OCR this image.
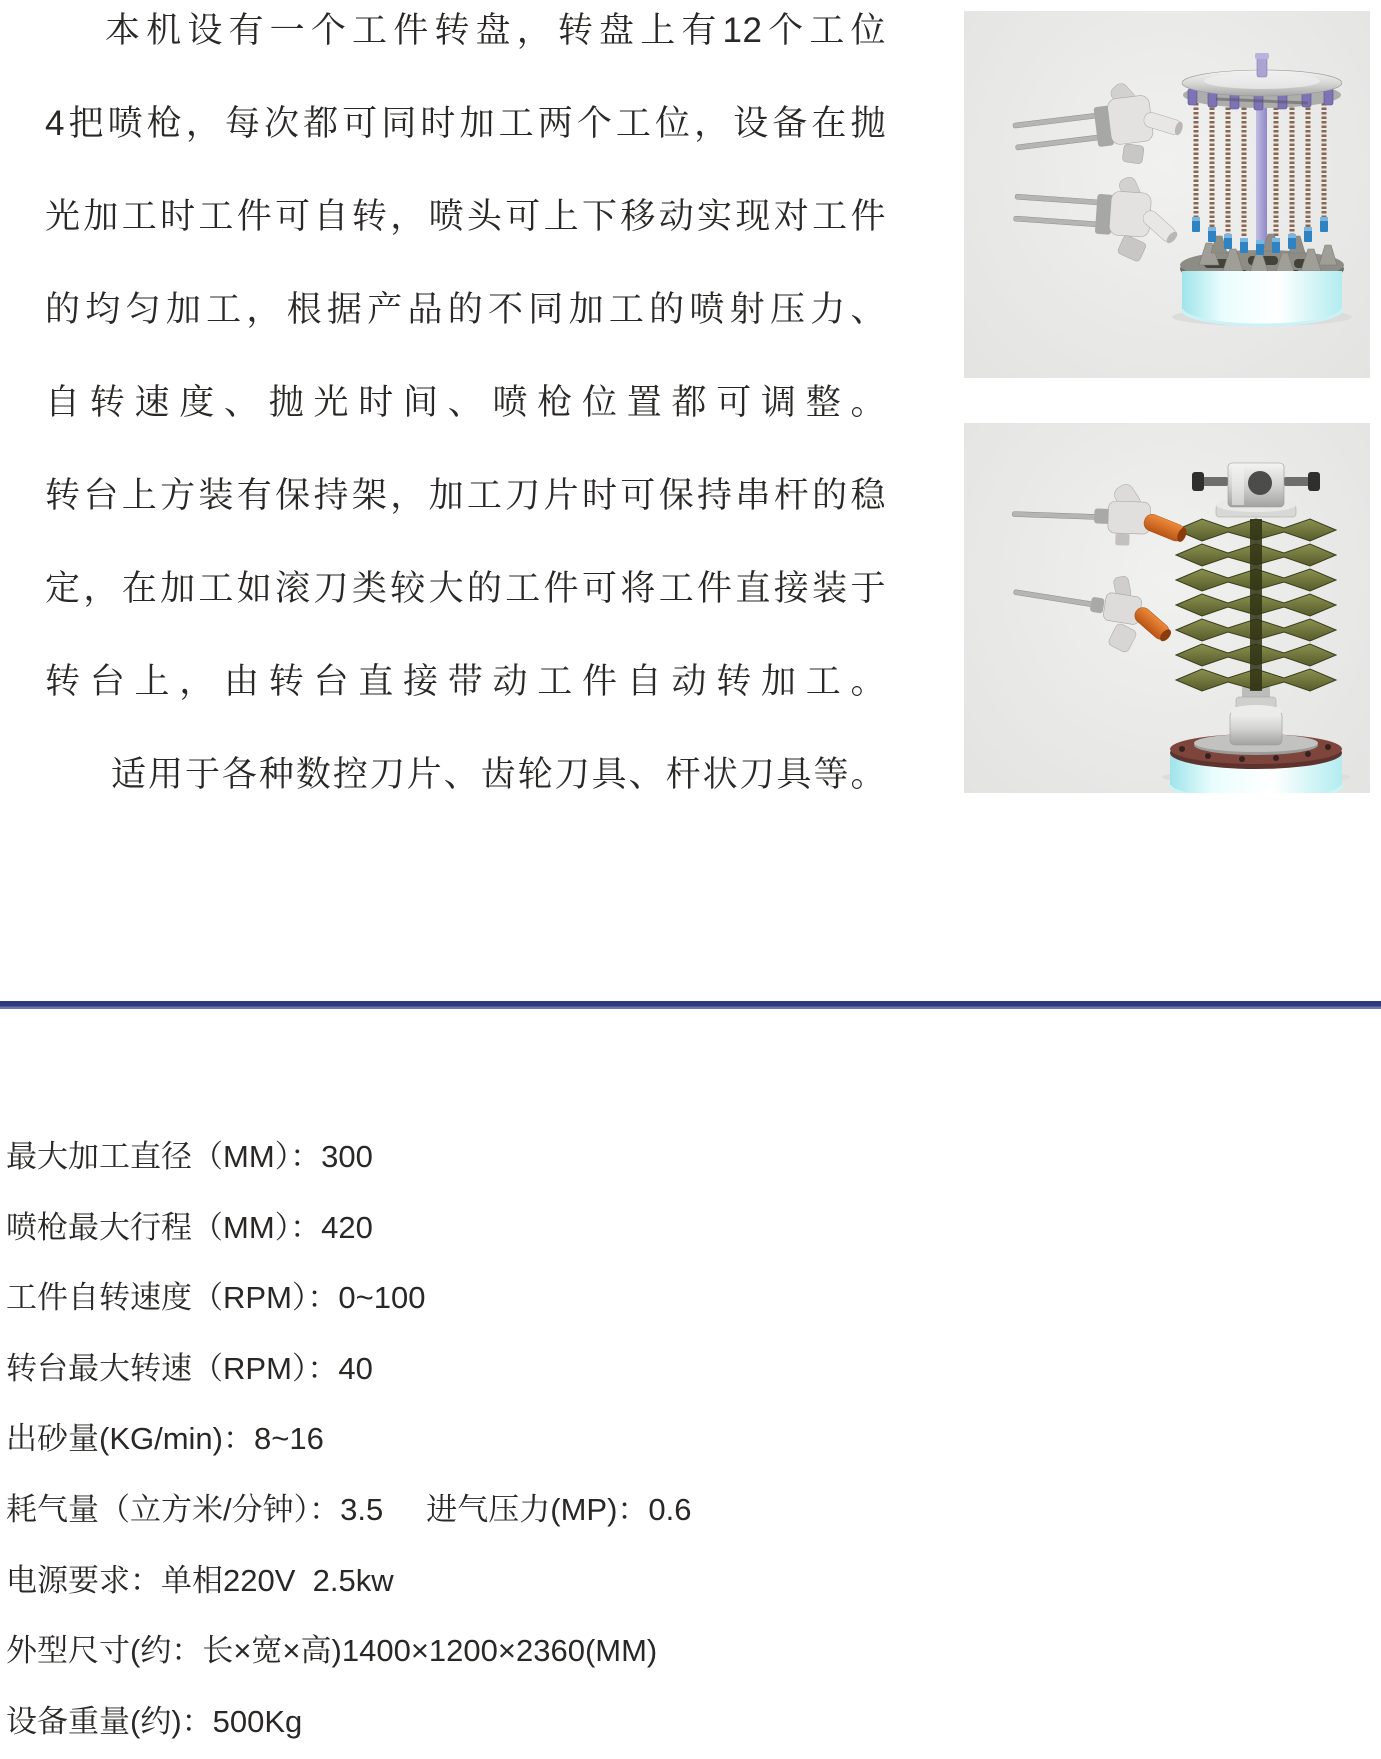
本机设有一个工件转盘，转盘上有12个工位
4把喷枪，每次都可同时加工两个工位，设备在抛
光加工时工件可自转，喷头可上下移动实现对工件
的均匀加工，根据产品的不同加工的喷射压力、
自转速度、抛光时间、喷枪位置都可调整。
转台上方装有保持架，加工刀片时可保持串杆的稳
定，在加工如滚刀类较大的工件可将工件直接装于
转台上，由转台直接带动工件自动转加工。
适用于各种数控刀片、齿轮刀具、杆状刀具等。
最大加工直径（MM）：300
喷枪最大行程（MM）：420
工件自转速度（RPM）：0~100
转台最大转速（RPM）：40
出砂量(KG/min)：8~16
耗气量（立方米/分钟）：3.5     进气压力(MP)：0.6
电源要求：单相220V  2.5kw
外型尺寸(约：长×宽×高)1400×1200×2360(MM)
设备重量(约)：500Kg
